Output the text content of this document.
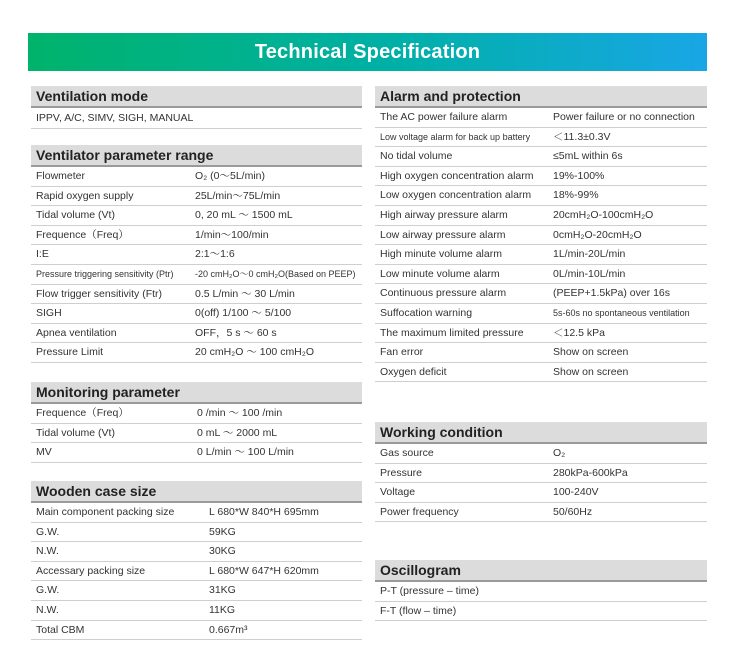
Technical Specification
Ventilation mode
IPPV, A/C, SIMV, SIGH, MANUAL
Ventilator parameter range
Flowmeter	O₂ (0～5L/min)
Rapid oxygen supply	25L/min～75L/min
Tidal volume (Vt)	0, 20 mL ～ 1500 mL
Frequence（Freq）	1/min～100/min
I:E	2:1～1:6
Pressure triggering sensitivity (Ptr) -20 cmH₂O～0 cmH₂O(Based on PEEP)
Flow trigger sensitivity (Ftr)	0.5 L/min ～ 30 L/min
SIGH	0(off) 1/100 ～ 5/100
Apnea ventilation	OFF，5 s ～ 60 s
Pressure Limit	20 cmH₂O ～ 100 cmH₂O
Monitoring parameter
Frequence（Freq）	0 /min ～ 100 /min
Tidal volume (Vt)	0 mL ～ 2000 mL
MV	0 L/min ～ 100 L/min
Wooden case size
Main component packing size	L 680*W 840*H 695mm
G.W.	59KG
N.W.	30KG
Accessary packing size	L 680*W 647*H 620mm
G.W.	31KG
N.W.	11KG
Total CBM	0.667m³
Alarm and protection
The AC power failure alarm	Power failure or no connection
Low voltage alarm for back up battery ＜11.3±0.3V
No tidal volume	≤5mL within 6s
High oxygen concentration alarm 19%-100%
Low oxygen concentration alarm 18%-99%
High airway pressure alarm	20cmH₂O-100cmH₂O
Low airway pressure alarm	0cmH₂O-20cmH₂O
High minute volume alarm	1L/min-20L/min
Low minute volume alarm	0L/min-10L/min
Continuous pressure alarm	(PEEP+1.5kPa) over 16s
Suffocation warning	5s-60s no spontaneous ventilation
The maximum limited pressure	＜12.5 kPa
Fan error	Show on screen
Oxygen deficit	Show on screen
Working condition
Gas source	O₂
Pressure	280kPa-600kPa
Voltage	100-240V
Power frequency	50/60Hz
Oscillogram
P-T (pressure – time)
F-T (flow – time)
